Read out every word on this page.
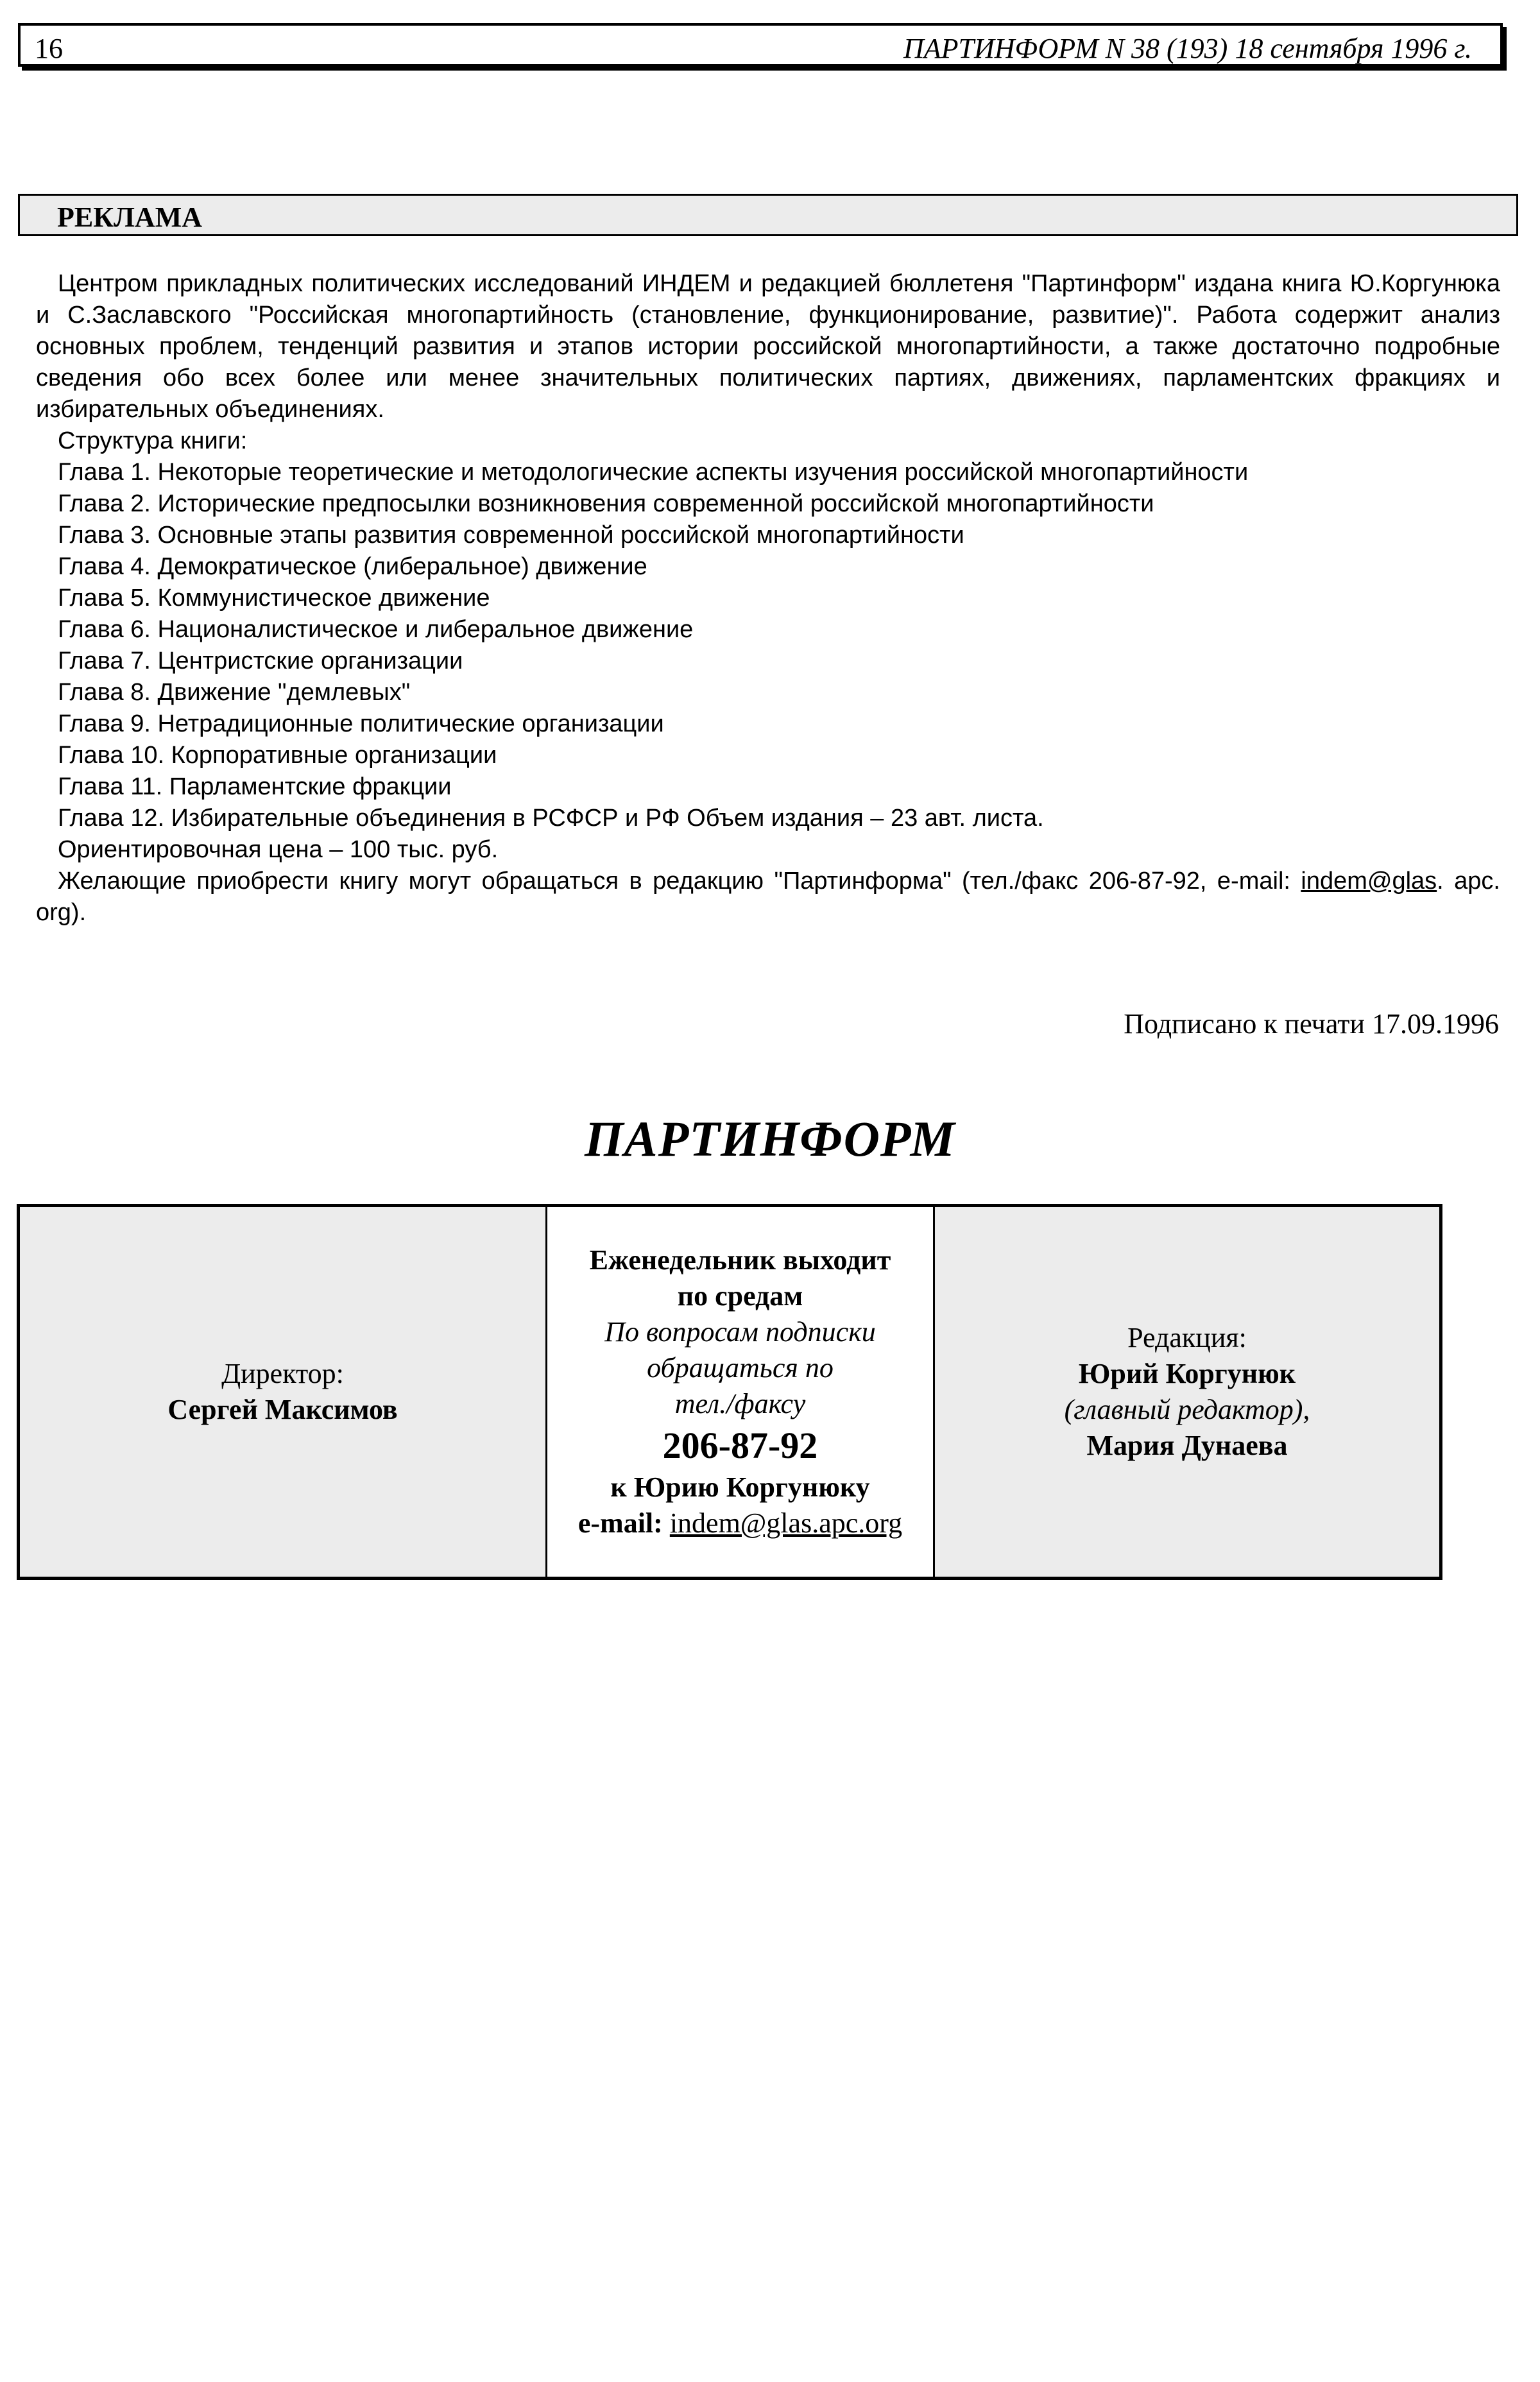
16	ПАРТИНФОРМ N 38 (193) 18 сентября 1996 г.
РЕКЛАМА

Центром прикладных политических исследований ИНДЕМ и редакцией бюллетеня "Партинформ" издана книга Ю.Коргунюка и С.Заславского "Российская многопартийность (становление, функционирование, развитие)". Работа содержит анализ основных проблем, тенденций развития и этапов истории российской многопартийности, а также достаточно подробные сведения обо всех более или менее значительных политических партиях, движениях, парламентских фракциях и избирательных объединениях.

Структура книги:
Глава 1. Некоторые теоретические и методологические аспекты изучения российской многопартийности
Глава 2. Исторические предпосылки возникновения современной российской многопартийности
Глава 3. Основные этапы развития современной российской многопартийности
Глава 4. Демократическое (либеральное) движение
Глава 5. Коммунистическое движение
Глава 6. Националистическое и либеральное движение
Глава 7. Центристские организации
Глава 8. Движение "демлевых"
Глава 9. Нетрадиционные политические организации
Глава 10. Корпоративные организации
Глава 11. Парламентские фракции
Глава 12. Избирательные объединения в РСФСР и РФ Объем издания – 23 авт. листа.
Ориентировочная цена – 100 тыс. руб.

Желающие приобрести книгу могут обращаться в редакцию "Партинформа" (тел./факс 206-87-92, e-mail: indem@glas. apc. org).

Подписано к печати 17.09.1996
ПАРТИНФОРМ
Директор:
Сергей Максимов
Еженедельник выходит
по средам
По вопросам подписки
обращаться по
тел./факсу
206-87-92
к Юрию Коргунюку
e-mail: indem@glas.apc.org
Редакция:
Юрий Коргунюк
(главный редактор),
Мария Дунаева
